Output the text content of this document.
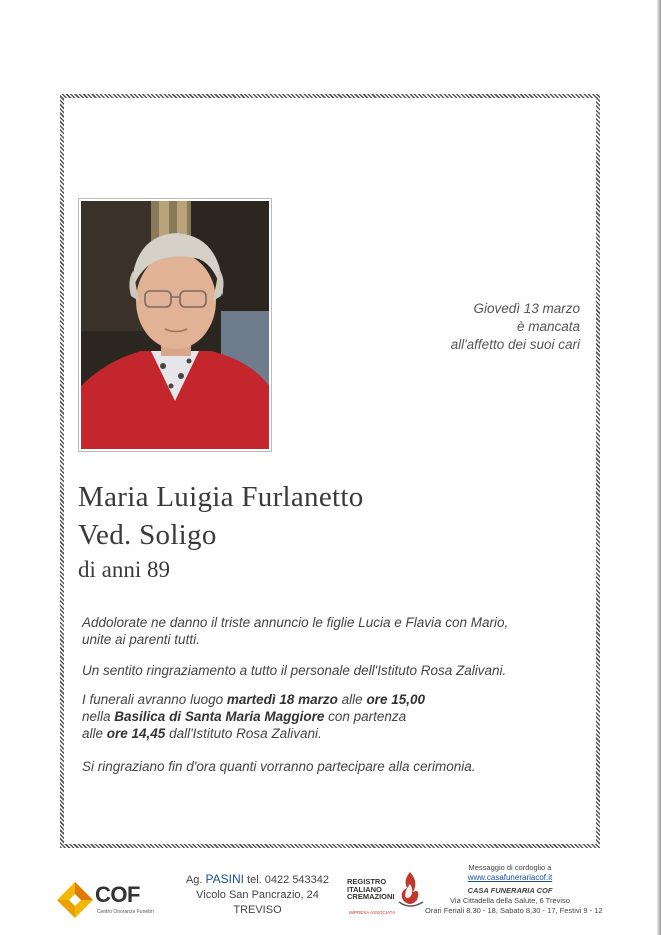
Giovedì 13 marzo
è mancata
all'affetto dei suoi cari
Maria Luigia Furlanetto
Ved. Soligo
di anni 89

Addolorate ne danno il triste annuncio le figlie Lucia e Flavia con Mario,
unite ai parenti tutti.

Un sentito ringraziamento a tutto il personale dell'Istituto Rosa Zalivani.

I funerali avranno luogo martedì 18 marzo alle ore 15,00
nella Basilica di Santa Maria Maggiore con partenza
alle ore 14,45 dall'Istituto Rosa Zalivani.

Si ringraziano fin d'ora quanti vorranno partecipare alla cerimonia.

COF
Centro Onoranze Funebri
Ag. PASINI tel. 0422 543342
Vicolo San Pancrazio, 24
TREVISO
REGISTRO
ITALIANO
CREMAZIONI
IMPRESA ASSOCIATA
Messaggio di cordoglio a
www.casafunerariacof.it
CASA FUNERARIA COF
Via Cittadella della Salute, 6 Treviso
Orari Feriali 8.30 - 18, Sabato 8,30 - 17, Festivi 9 - 12
